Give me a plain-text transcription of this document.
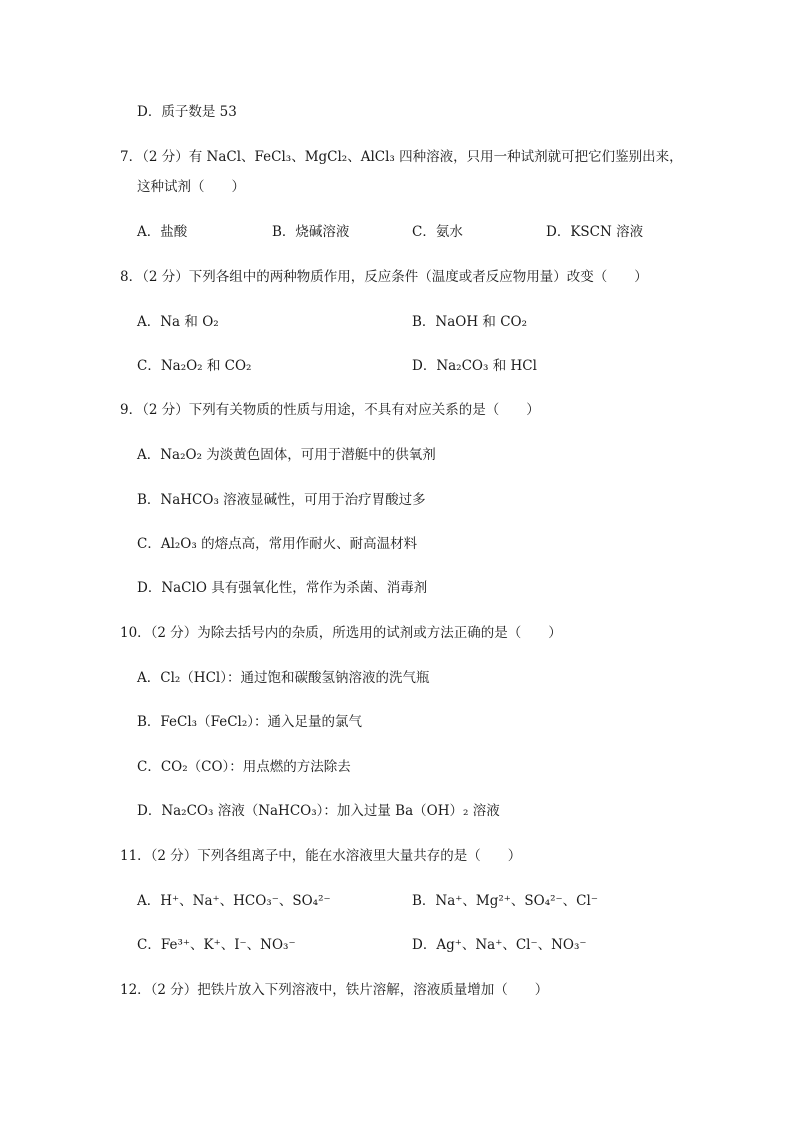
D．质子数是 53
7．（2 分）有 NaCl、FeCl₃、MgCl₂、AlCl₃ 四种溶液，只用一种试剂就可把它们鉴别出来，
这种试剂（　　）
A．盐酸	B．烧碱溶液	C．氨水	D．KSCN 溶液
8．（2 分）下列各组中的两种物质作用，反应条件（温度或者反应物用量）改变（　　）
A．Na 和 O₂	B．NaOH 和 CO₂
C．Na₂O₂ 和 CO₂	D．Na₂CO₃ 和 HCl
9．（2 分）下列有关物质的性质与用途，不具有对应关系的是（　　）
A．Na₂O₂ 为淡黄色固体，可用于潜艇中的供氧剂
B．NaHCO₃ 溶液显碱性，可用于治疗胃酸过多
C．Al₂O₃ 的熔点高，常用作耐火、耐高温材料
D．NaClO 具有强氧化性，常作为杀菌、消毒剂
10．（2 分）为除去括号内的杂质，所选用的试剂或方法正确的是（　　）
A．Cl₂（HCl）：通过饱和碳酸氢钠溶液的洗气瓶
B．FeCl₃（FeCl₂）：通入足量的氯气
C．CO₂（CO）：用点燃的方法除去
D．Na₂CO₃ 溶液（NaHCO₃）：加入过量 Ba（OH）₂ 溶液
11．（2 分）下列各组离子中，能在水溶液里大量共存的是（　　）
A．H⁺、Na⁺、HCO₃⁻、SO₄²⁻	B．Na⁺、Mg²⁺、SO₄²⁻、Cl⁻
C．Fe³⁺、K⁺、I⁻、NO₃⁻	D．Ag⁺、Na⁺、Cl⁻、NO₃⁻
12．（2 分）把铁片放入下列溶液中，铁片溶解，溶液质量增加（　　）
